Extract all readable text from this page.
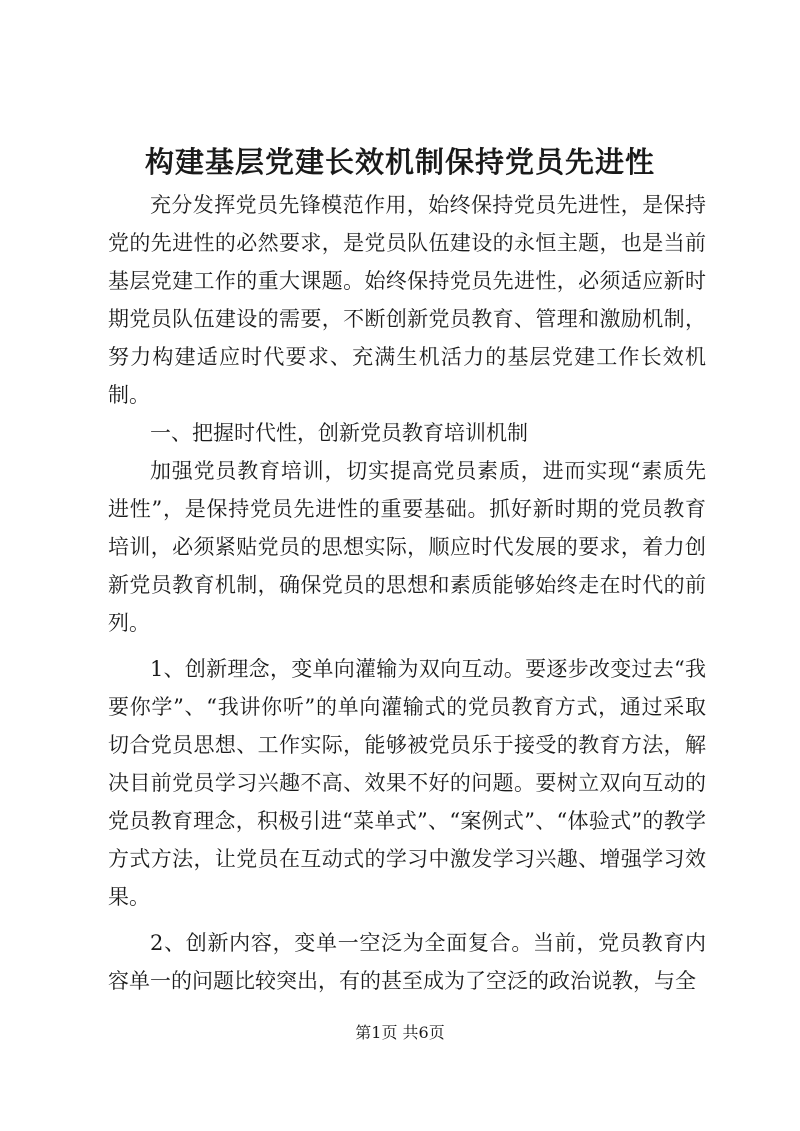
构建基层党建长效机制保持党员先进性

充分发挥党员先锋模范作用，始终保持党员先进性，是保持党的先进性的必然要求，是党员队伍建设的永恒主题，也是当前基层党建工作的重大课题。始终保持党员先进性，必须适应新时期党员队伍建设的需要，不断创新党员教育、管理和激励机制，努力构建适应时代要求、充满生机活力的基层党建工作长效机制。

一、把握时代性，创新党员教育培训机制

加强党员教育培训，切实提高党员素质，进而实现“素质先进性”，是保持党员先进性的重要基础。抓好新时期的党员教育培训，必须紧贴党员的思想实际，顺应时代发展的要求，着力创新党员教育机制，确保党员的思想和素质能够始终走在时代的前列。

1、创新理念，变单向灌输为双向互动。要逐步改变过去“我要你学”、“我讲你听”的单向灌输式的党员教育方式，通过采取切合党员思想、工作实际，能够被党员乐于接受的教育方法，解决目前党员学习兴趣不高、效果不好的问题。要树立双向互动的党员教育理念，积极引进“菜单式”、“案例式”、“体验式”的教学方式方法，让党员在互动式的学习中激发学习兴趣、增强学习效果。

2、创新内容，变单一空泛为全面复合。当前，党员教育内容单一的问题比较突出，有的甚至成为了空泛的政治说教，与全

第1页 共6页
